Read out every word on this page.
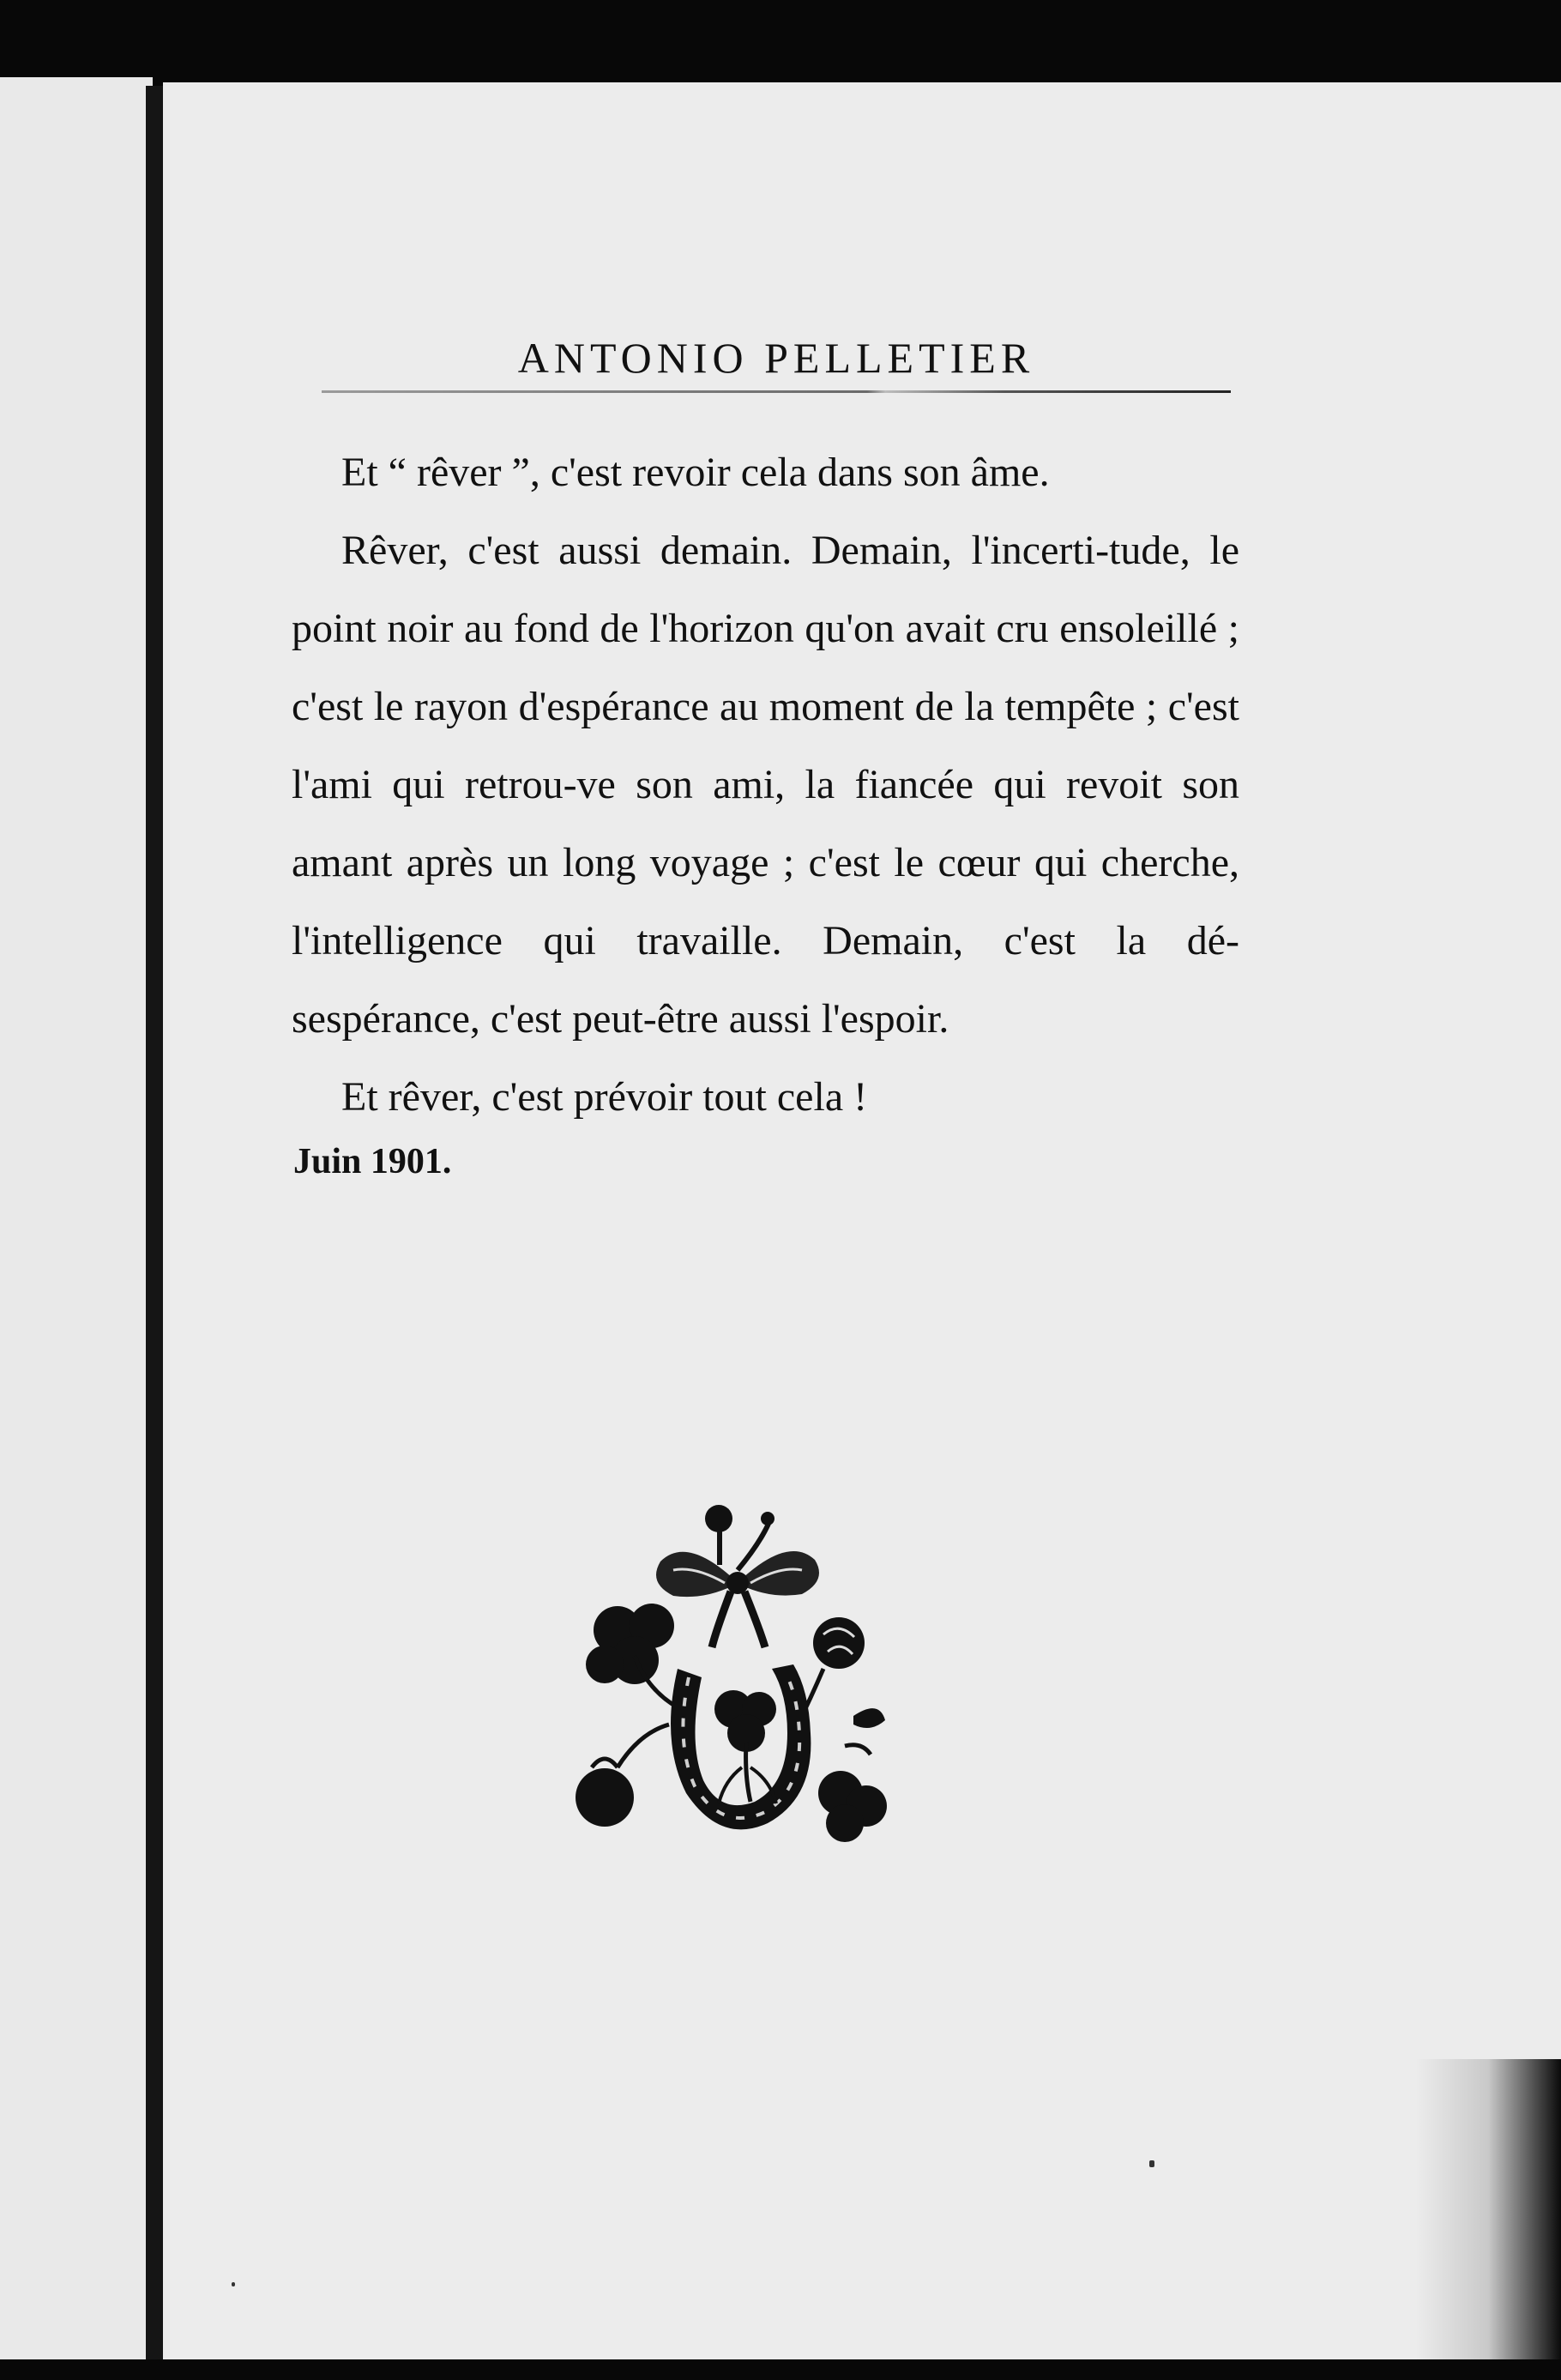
ANTONIO PELLETIER

Et “ rêver ”, c'est revoir cela dans son âme.

Rêver, c'est aussi demain. Demain, l'incerti-tude, le point noir au fond de l'horizon qu'on avait cru ensoleillé ; c'est le rayon d'espérance au moment de la tempête ; c'est l'ami qui retrou-ve son ami, la fiancée qui revoit son amant après un long voyage ; c'est le cœur qui cherche, l'intelligence qui travaille. Demain, c'est la dé-sespérance, c'est peut-être aussi l'espoir.

Et rêver, c'est prévoir tout cela !

Juin 1901.
